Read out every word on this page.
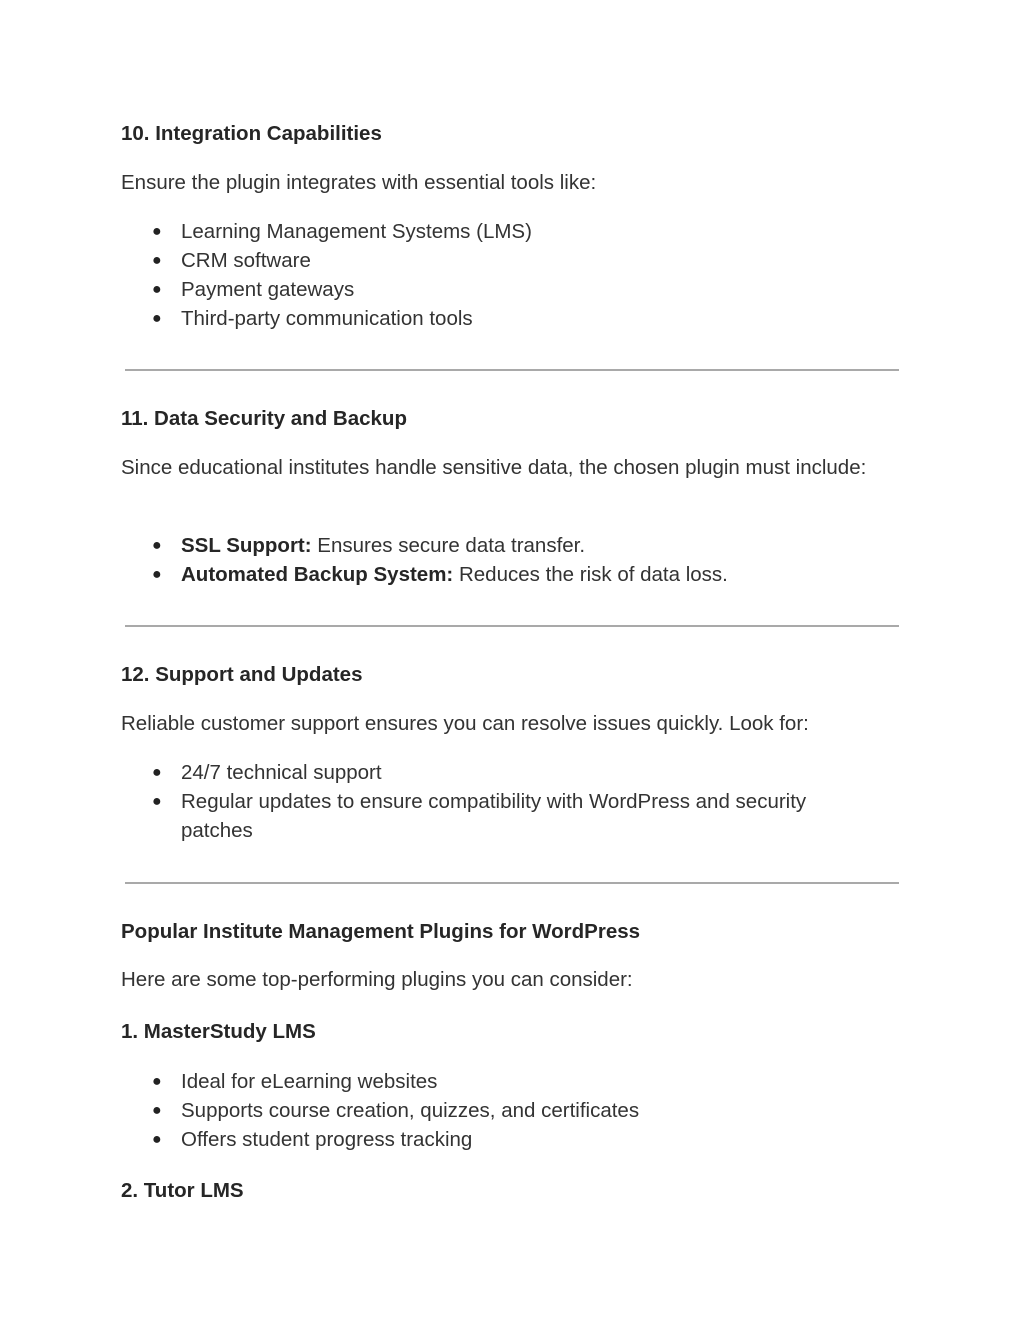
10. Integration Capabilities

Ensure the plugin integrates with essential tools like:

● Learning Management Systems (LMS)
● CRM software
● Payment gateways
● Third-party communication tools
11. Data Security and Backup

Since educational institutes handle sensitive data, the chosen plugin must include:

● SSL Support: Ensures secure data transfer.
● Automated Backup System: Reduces the risk of data loss.
12. Support and Updates

Reliable customer support ensures you can resolve issues quickly. Look for:

● 24/7 technical support
● Regular updates to ensure compatibility with WordPress and security patches
Popular Institute Management Plugins for WordPress

Here are some top-performing plugins you can consider:

1. MasterStudy LMS
● Ideal for eLearning websites
● Supports course creation, quizzes, and certificates
● Offers student progress tracking
2. Tutor LMS
